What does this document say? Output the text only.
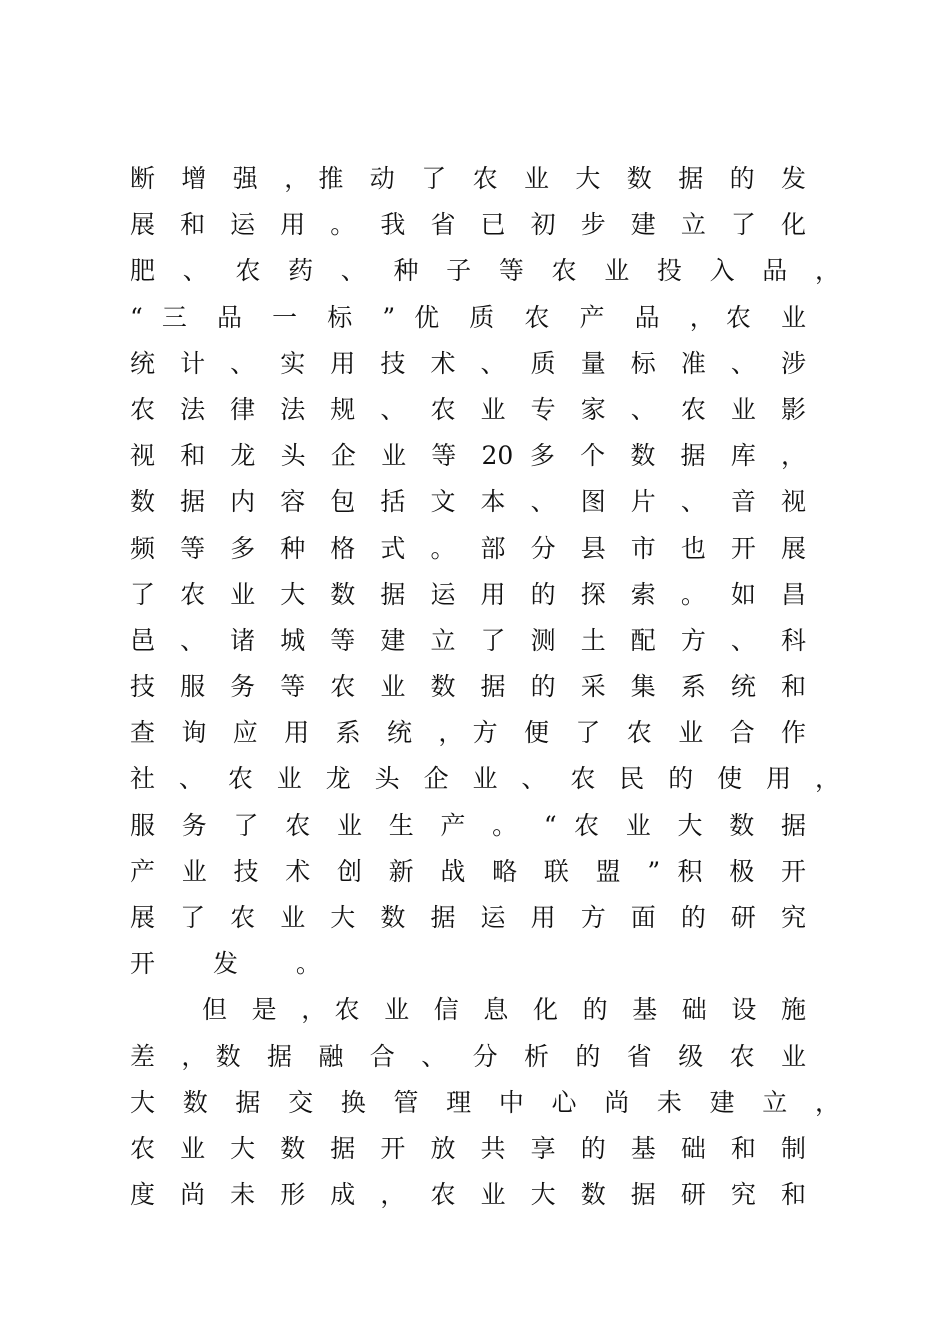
断 增 强 ，推 动 了 农 业 大 数 据 的 发
展 和 运 用 。 我 省 已 初 步 建 立 了 化
肥 、 农 药 、 种 子 等 农 业 投 入 品 ，
“ 三 品 一 标 ” 优 质 农 产 品 ，农 业
统 计 、 实 用 技 术 、 质 量 标 准 、 涉
农 法 律 法 规 、 农 业 专 家 、 农 业 影
视 和 龙 头 企 业 等 20 多 个 数 据 库 ，
数 据 内 容 包 括 文 本 、 图 片 、 音 视
频 等 多 种 格 式 。 部 分 县 市 也 开 展
了 农 业 大 数 据 运 用 的 探 索 。 如 昌
邑 、 诸 城 等 建 立 了 测 土 配 方 、 科
技 服 务 等 农 业 数 据 的 采 集 系 统 和
查 询 应 用 系 统 ，方 便 了 农 业 合 作
社 、 农 业 龙 头 企 业 、 农 民 的 使 用 ，
服 务 了 农 业 生 产 。 “ 农 业 大 数 据
产 业 技 术 创 新 战 略 联 盟 ” 积 极 开
展 了 农 业 大 数 据 运 用 方 面 的 研 究
开 发 。
但 是 ，农 业 信 息 化 的 基 础 设 施
差 ，数 据 融 合 、 分 析 的 省 级 农 业
大 数 据 交 换 管 理 中 心 尚 未 建 立 ，
农 业 大 数 据 开 放 共 享 的 基 础 和 制
度 尚 未 形 成 ， 农 业 大 数 据 研 究 和
